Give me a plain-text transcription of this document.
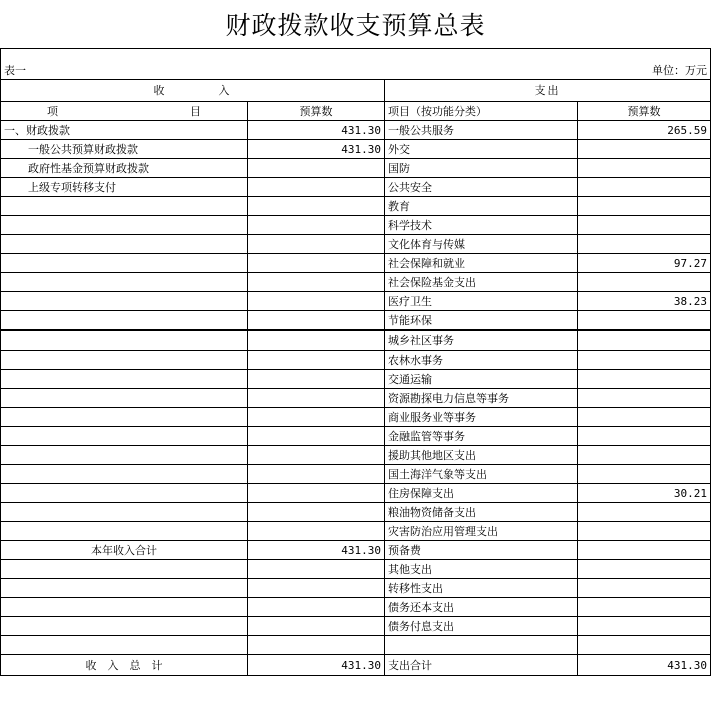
财政拨款收支预算总表
表一	单位：万元		
收　　　　入		支出	
项　　　　　　　　　　　　目	预算数	项目（按功能分类）	预算数
一、财政拨款	431.30	一般公共服务	265.59
一般公共预算财政拨款	431.30	外交	
政府性基金预算财政拨款		国防	
上级专项转移支付		公共安全	
		教育	
		科学技术	
		文化体育与传媒	
		社会保障和就业	97.27
		社会保险基金支出	
		医疗卫生	38.23
		节能环保	
		城乡社区事务	
		农林水事务	
		交通运输	
		资源勘探电力信息等事务	
		商业服务业等事务	
		金融监管等事务	
		援助其他地区支出	
		国土海洋气象等支出	
		住房保障支出	30.21
		粮油物资储备支出	
		灾害防治应用管理支出	
本年收入合计	431.30	预备费	
		其他支出	
		转移性支出	
		债务还本支出	
		债务付息支出	

收　入　总　计	431.30	支出合计	431.30
